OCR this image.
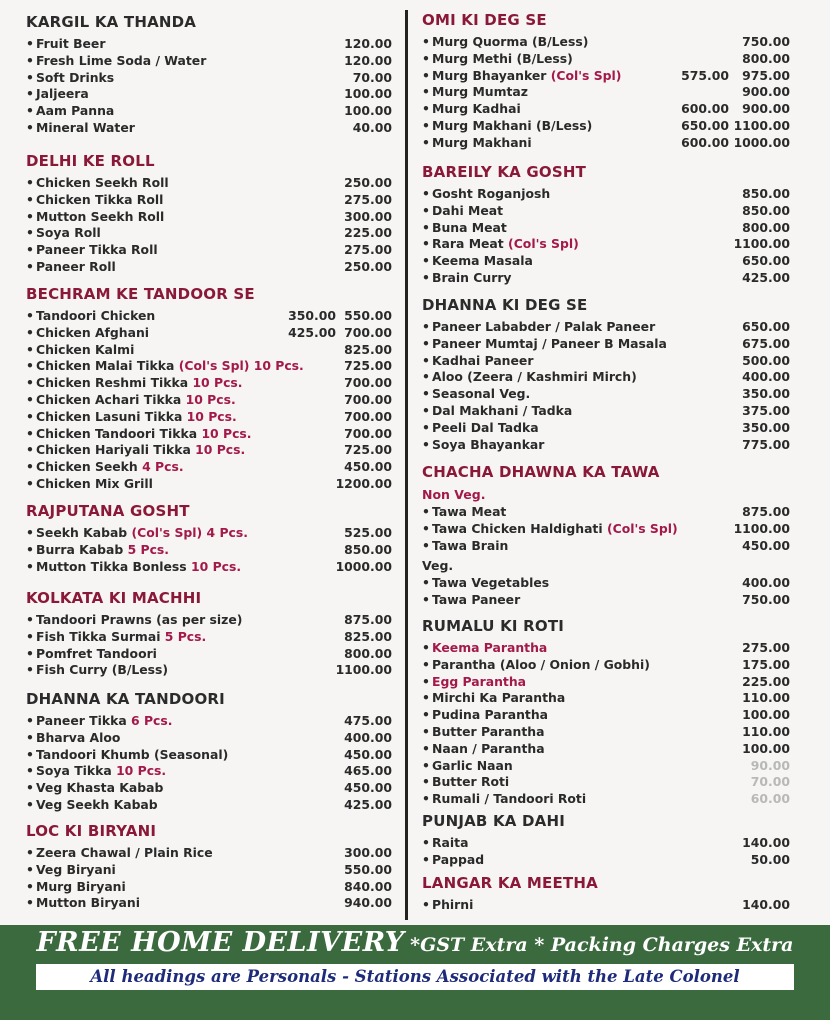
KARGIL KA THANDA
• Fruit Beer	120.00
• Fresh Lime Soda / Water	120.00
• Soft Drinks	70.00
• Jaljeera	100.00
• Aam Panna	100.00
• Mineral Water	40.00
DELHI KE ROLL
• Chicken Seekh Roll	250.00
• Chicken Tikka Roll	275.00
• Mutton Seekh Roll	300.00
• Soya Roll	225.00
• Paneer Tikka Roll	275.00
• Paneer Roll	250.00
BECHRAM KE TANDOOR SE
• Tandoori Chicken	350.00 550.00
• Chicken Afghani	425.00 700.00
• Chicken Kalmi	825.00
• Chicken Malai Tikka (Col's Spl) 10 Pcs.	725.00
• Chicken Reshmi Tikka 10 Pcs.	700.00
• Chicken Achari Tikka 10 Pcs.	700.00
• Chicken Lasuni Tikka 10 Pcs.	700.00
• Chicken Tandoori Tikka 10 Pcs.	700.00
• Chicken Hariyali Tikka 10 Pcs.	725.00
• Chicken Seekh 4 Pcs.	450.00
• Chicken Mix Grill	1200.00
RAJPUTANA GOSHT
• Seekh Kabab (Col's Spl) 4 Pcs.	525.00
• Burra Kabab 5 Pcs.	850.00
• Mutton Tikka Bonless 10 Pcs.	1000.00
KOLKATA KI MACHHI
• Tandoori Prawns (as per size)	875.00
• Fish Tikka Surmai 5 Pcs.	825.00
• Pomfret Tandoori	800.00
• Fish Curry (B/Less)	1100.00
DHANNA KA TANDOORI
• Paneer Tikka 6 Pcs.	475.00
• Bharva Aloo	400.00
• Tandoori Khumb (Seasonal)	450.00
• Soya Tikka 10 Pcs.	465.00
• Veg Khasta Kabab	450.00
• Veg Seekh Kabab	425.00
LOC KI BIRYANI
• Zeera Chawal / Plain Rice	300.00
• Veg Biryani	550.00
• Murg Biryani	840.00
• Mutton Biryani	940.00
OMI KI DEG SE
• Murg Quorma (B/Less)	750.00
• Murg Methi (B/Less)	800.00
• Murg Bhayanker (Col's Spl)	575.00	975.00
• Murg Mumtaz	900.00
• Murg Kadhai	600.00	900.00
• Murg Makhani (B/Less)	650.00 1100.00
• Murg Makhani	600.00 1000.00
BAREILY KA GOSHT
• Gosht Roganjosh	850.00
• Dahi Meat	850.00
• Buna Meat	800.00
• Rara Meat (Col's Spl)	1100.00
• Keema Masala	650.00
• Brain Curry	425.00
DHANNA KI DEG SE
• Paneer Lababder / Palak Paneer	650.00
• Paneer Mumtaj / Paneer B Masala	675.00
• Kadhai Paneer	500.00
• Aloo (Zeera / Kashmiri Mirch)	400.00
• Seasonal Veg.	350.00
• Dal Makhani / Tadka	375.00
• Peeli Dal Tadka	350.00
• Soya Bhayankar	775.00
CHACHA DHAWNA KA TAWA
Non Veg.
• Tawa Meat	875.00
• Tawa Chicken Haldighati (Col's Spl)	1100.00
• Tawa Brain	450.00
Veg.
• Tawa Vegetables	400.00
• Tawa Paneer	750.00
RUMALU KI ROTI
• Keema Parantha	275.00
• Parantha (Aloo / Onion / Gobhi)	175.00
• Egg Parantha	225.00
• Mirchi Ka Parantha	110.00
• Pudina Parantha	100.00
• Butter Parantha	110.00
• Naan / Parantha	100.00
• Garlic Naan	90.00
• Butter Roti	70.00
• Rumali / Tandoori Roti	60.00
PUNJAB KA DAHI
• Raita	140.00
• Pappad	50.00
LANGAR KA MEETHA
• Phirni	140.00
FREE HOME DELIVERY *GST Extra * Packing Charges Extra
All headings are Personals - Stations Associated with the Late Colonel
